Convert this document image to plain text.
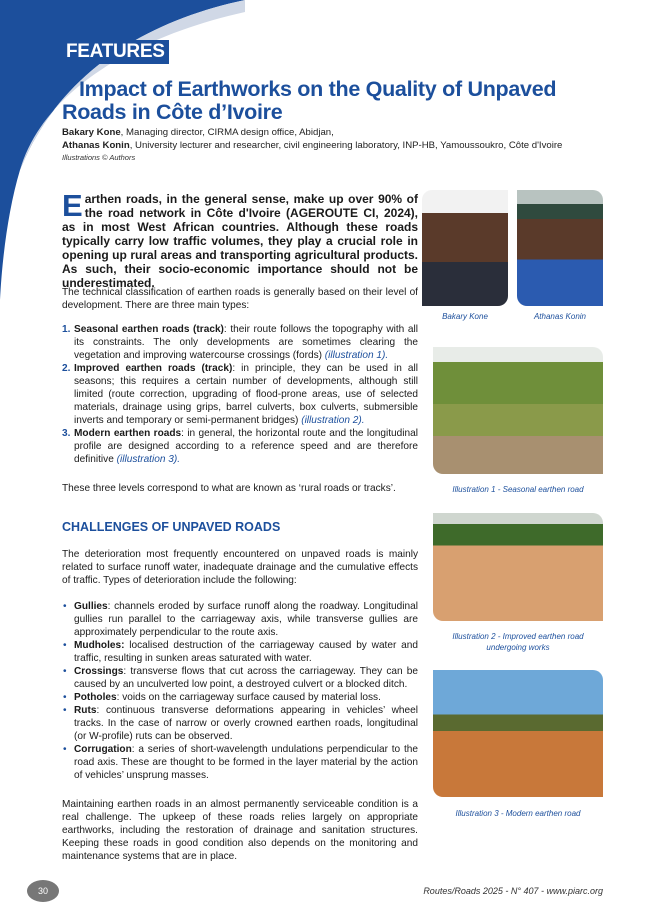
FEATURES
Impact of Earthworks on the Quality of Unpaved
Roads in Côte d’Ivoire
Bakary Kone, Managing director, CIRMA design office, Abidjan,
Athanas Konin, University lecturer and researcher, civil engineering laboratory, INP-HB, Yamoussoukro, Côte d'Ivoire
Illustrations © Authors
Earthen roads, in the general sense, make up over 90% of the road network in Côte d'Ivoire (AGEROUTE CI, 2024), as in most West African countries. Although these roads typically carry low traffic volumes, they play a crucial role in opening up rural areas and transporting agricultural products. As such, their socio-economic importance should not be underestimated.

The technical classification of earthen roads is generally based on their level of development. There are three main types:

1. Seasonal earthen roads (track): their route follows the topography with all its constraints. The only developments are sometimes clearing the vegetation and improving watercourse crossings (fords) (illustration 1).
2. Improved earthen roads (track): in principle, they can be used in all seasons; this requires a certain number of developments, although still limited (route correction, upgrading of flood-prone areas, use of selected materials, drainage using grips, barrel culverts, box culverts, submersible inverts and temporary or semi-permanent bridges) (illustration 2).
3. Modern earthen roads: in general, the horizontal route and the longitudinal profile are designed according to a reference speed and are therefore definitive (illustration 3).

These three levels correspond to what are known as ‘rural roads or tracks’.

CHALLENGES OF UNPAVED ROADS

The deterioration most frequently encountered on unpaved roads is mainly related to surface runoff water, inadequate drainage and the cumulative effects of traffic. Types of deterioration include the following:

• Gullies: channels eroded by surface runoff along the roadway. Longitudinal gullies run parallel to the carriageway axis, while transverse gullies are approximately perpendicular to the route axis.
• Mudholes: localised destruction of the carriageway caused by water and traffic, resulting in sunken areas saturated with water.
• Crossings: transverse flows that cut across the carriageway. They can be caused by an unculverted low point, a destroyed culvert or a blocked ditch.
• Potholes: voids on the carriageway surface caused by material loss.
• Ruts: continuous transverse deformations appearing in vehicles’ wheel tracks. In the case of narrow or overly crowned earthen roads, longitudinal (or W-profile) ruts can be observed.
• Corrugation: a series of short-wavelength undulations perpendicular to the road axis. These are thought to be formed in the layer material by the action of vehicles’ unsprung masses.

Maintaining earthen roads in an almost permanently serviceable condition is a real challenge. The upkeep of these roads relies largely on appropriate earthworks, including the restoration of drainage and sanitation structures. Keeping these roads in good condition also depends on the monitoring and maintenance systems that are in place.

Bakary Kone	Athanas Konin
Illustration 1 - Seasonal earthen road
Illustration 2 - Improved earthen road undergoing works
Illustration 3 - Modern earthen road
30	Routes/Roads 2025 - N° 407 - www.piarc.org
